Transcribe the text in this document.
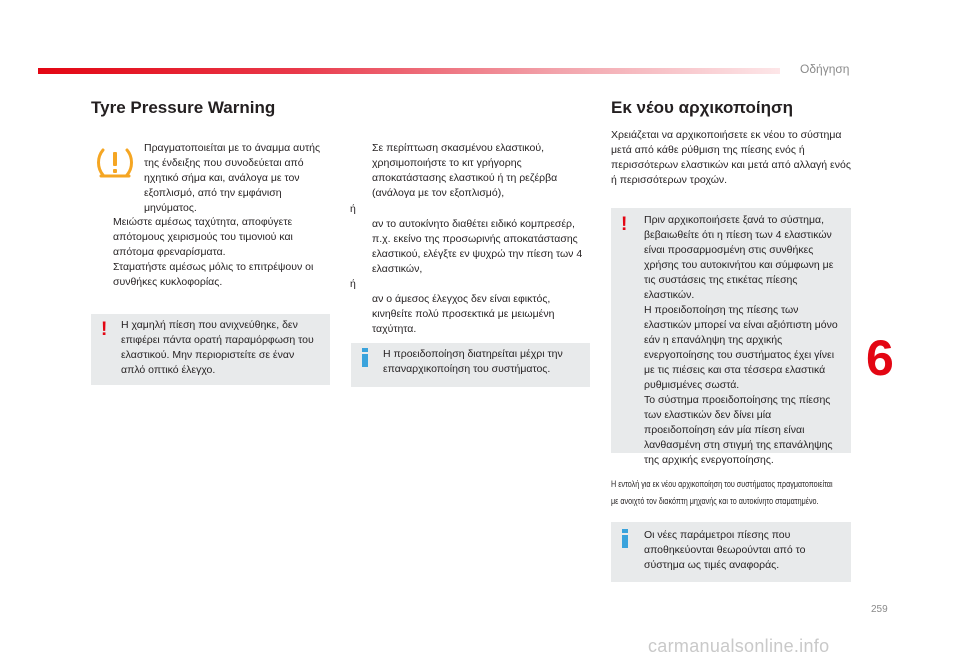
Οδήγηση
Tyre Pressure Warning

Πραγματοποιείται με το άναμμα αυτής της ένδειξης που συνοδεύεται από ηχητικό σήμα και, ανάλογα με τον εξοπλισμό, από την εμφάνιση μηνύματος.

Μειώστε αμέσως ταχύτητα, αποφύγετε απότομους χειρισμούς του τιμονιού και απότομα φρεναρίσματα.
Σταματήστε αμέσως μόλις το επιτρέψουν οι συνθήκες κυκλοφορίας.
! Η χαμηλή πίεση που ανιχνεύθηκε, δεν επιφέρει πάντα ορατή παραμόρφωση του ελαστικού. Μην περιοριστείτε σε έναν απλό οπτικό έλεγχο.
Σε περίπτωση σκασμένου ελαστικού, χρησιμοποιήστε το κιτ γρήγορης αποκατάστασης ελαστικού ή τη ρεζέρβα (ανάλογα με τον εξοπλισμό),
ή
αν το αυτοκίνητο διαθέτει ειδικό κομπρεσέρ, π.χ. εκείνο της προσωρινής αποκατάστασης ελαστικού, ελέγξτε εν ψυχρώ την πίεση των 4 ελαστικών,
ή
αν ο άμεσος έλεγχος δεν είναι εφικτός, κινηθείτε πολύ προσεκτικά με μειωμένη ταχύτητα.
Η προειδοποίηση διατηρείται μέχρι την επαναρχικοποίηση του συστήματος.
Εκ νέου αρχικοποίηση

Χρειάζεται να αρχικοποιήσετε εκ νέου το σύστημα μετά από κάθε ρύθμιση της πίεσης ενός ή περισσότερων ελαστικών και μετά από αλλαγή ενός ή περισσότερων τροχών.

! Πριν αρχικοποιήσετε ξανά το σύστημα, βεβαιωθείτε ότι η πίεση των 4 ελαστικών είναι προσαρμοσμένη στις συνθήκες χρήσης του αυτοκινήτου και σύμφωνη με τις συστάσεις της ετικέτας πίεσης ελαστικών.
Η προειδοποίηση της πίεσης των ελαστικών μπορεί να είναι αξιόπιστη μόνο εάν η επανάληψη της αρχικής ενεργοποίησης του συστήματος έχει γίνει με τις πιέσεις και στα τέσσερα ελαστικά ρυθμισμένες σωστά.
Το σύστημα προειδοποίησης της πίεσης των ελαστικών δεν δίνει μία προειδοποίηση εάν μία πίεση είναι λανθασμένη στη στιγμή της επανάληψης της αρχικής ενεργοποίησης.
Η εντολή για εκ νέου αρχικοποίηση του συστήματος πραγματοποιείται
με ανοιχτό τον διακόπτη μηχανής και το αυτοκίνητο σταματημένο.
Οι νέες παράμετροι πίεσης που αποθηκεύονται θεωρούνται από το σύστημα ως τιμές αναφοράς.
6
259
carmanualsonline.info
